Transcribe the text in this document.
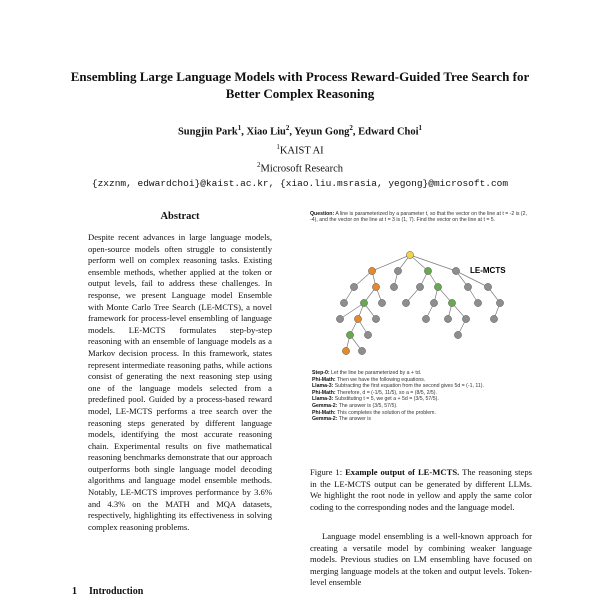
Ensembling Large Language Models with Process Reward-Guided Tree Search for Better Complex Reasoning
Sungjin Park$^1$, Xiao Liu$^2$, Yeyun Gong$^2$, Edward Choi$^1$
$^1$KAIST AI
$^2$Microsoft Research
{zxznm, edwardchoi}@kaist.ac.kr, {xiao.liu.msrasia, yegong}@microsoft.com
Abstract

Despite recent advances in large language models, open-source models often struggle to consistently perform well on complex reasoning tasks. Existing ensemble methods, whether applied at the token or output levels, fail to address these challenges. In response, we present Language model Ensemble with Monte Carlo Tree Search (LE-MCTS), a novel framework for process-level ensembling of language models. LE-MCTS formulates step-by-step reasoning with an ensemble of language models as a Markov decision process. In this framework, states represent intermediate reasoning paths, while actions consist of generating the next reasoning step using one of the language models selected from a predefined pool. Guided by a process-based reward model, LE-MCTS performs a tree search over the reasoning steps generated by different language models, identifying the most accurate reasoning chain. Experimental results on five mathematical reasoning benchmarks demonstrate that our approach outperforms both single language model decoding algorithms and language model ensemble methods. Notably, LE-MCTS improves performance by 3.6% and 4.3% on the MATH and MQA datasets, respectively, highlighting its effectiveness in solving complex reasoning problems.

1 Introduction
Question: A line is parameterized by a parameter t, so that the vector on the line at t = -2 is (2, -4), and the vector on the line at t = 3 is (1, 7). Find the vector on the line at t = 5.
LE-MCTS
Step-0: Let the line be parameterized by a + td.
Phi-Math: Then we have the following equations.
Llama-3: Subtracting the first equation from the second gives 5d = (-1, 11).
Phi-Math: Therefore, d = (-1/5, 11/5), so a = (8/5, 2/5).
Llama-3: Substituting t = 5, we get a + 5d = (3/5, 57/5).
Gemma-2: The answer is (3/5, 57/5).
Phi-Math: This completes the solution of the problem.
Gemma-2: The answer is
Figure 1: Example output of LE-MCTS. The reasoning steps in the LE-MCTS output can be generated by different LLMs. We highlight the root node in yellow and apply the same color coding to the corresponding nodes and the language model.
Language model ensembling is a well-known approach for creating a versatile model by combining weaker language models. Previous studies on LM ensembling have focused on merging language models at the token and output levels. Token-level ensemble
